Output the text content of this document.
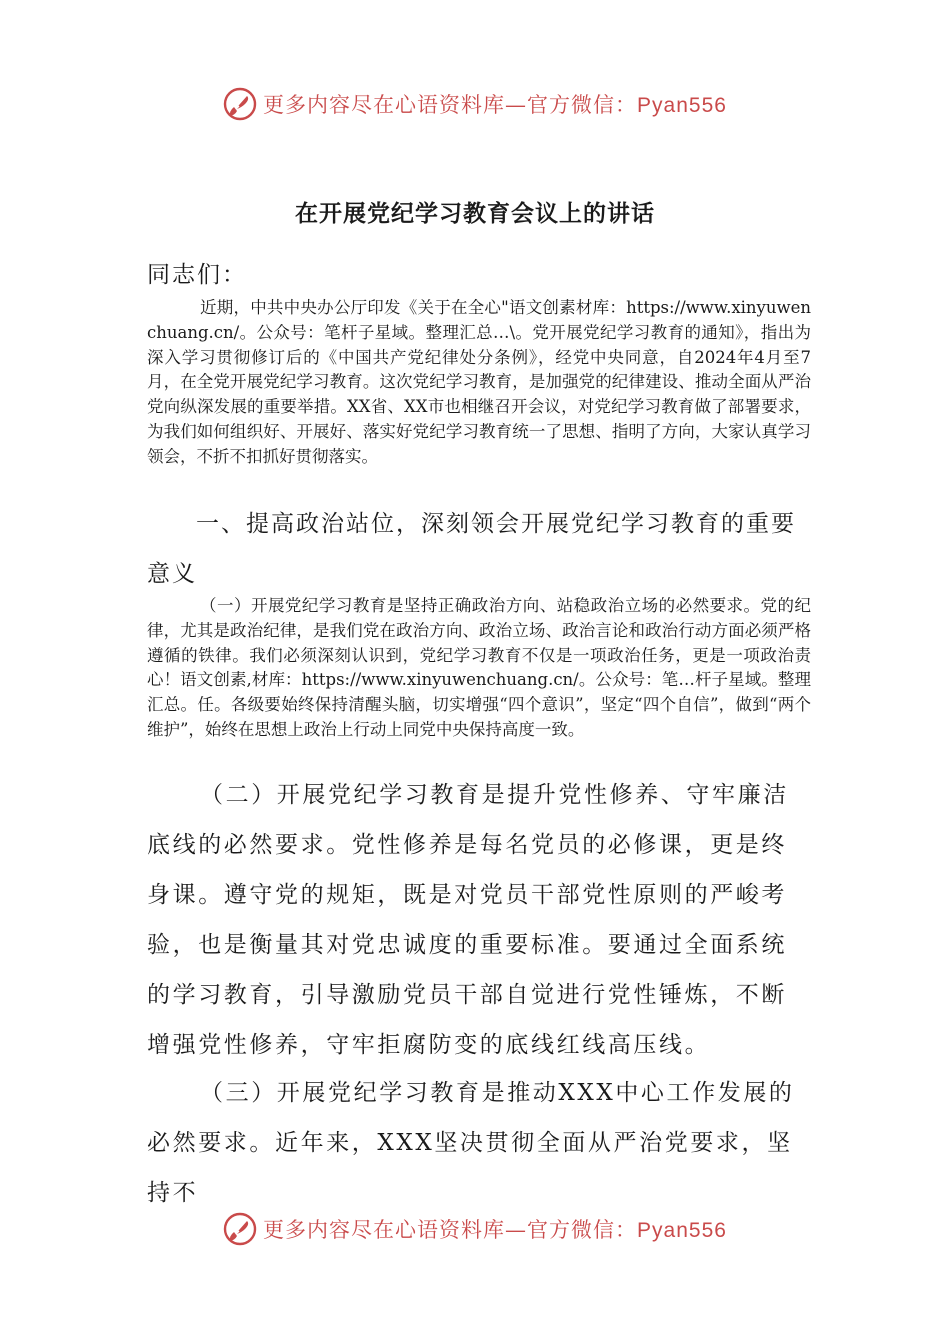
更多内容尽在心语资料库—官方微信：Pyan556
在开展党纪学习教育会议上的讲话
同志们：

近期，中共中央办公厅印发《关于在全心"语文创素材库：https://www.xinyuwenchuang.cn/。公众号：笔杆子星域。整理汇总…\。党开展党纪学习教育的通知》，指出为深入学习贯彻修订后的《中国共产党纪律处分条例》，经党中央同意，自2024年4月至7月，在全党开展党纪学习教育。这次党纪学习教育，是加强党的纪律建设、推动全面从严治党向纵深发展的重要举措。XX省、XX市也相继召开会议，对党纪学习教育做了部署要求，为我们如何组织好、开展好、落实好党纪学习教育统一了思想、指明了方向，大家认真学习领会，不折不扣抓好贯彻落实。

一、提高政治站位，深刻领会开展党纪学习教育的重要意义

（一）开展党纪学习教育是坚持正确政治方向、站稳政治立场的必然要求。党的纪律，尤其是政治纪律，是我们党在政治方向、政治立场、政治言论和政治行动方面必须严格遵循的铁律。我们必须深刻认识到，党纪学习教育不仅是一项政治任务，更是一项政治责心！语文创素,材库：https://www.xinyuwenchuang.cn/。公众号：笔…杆子星域。整理汇总。任。各级要始终保持清醒头脑，切实增强“四个意识”，坚定“四个自信”，做到“两个维护”，始终在思想上政治上行动上同党中央保持高度一致。

（二）开展党纪学习教育是提升党性修养、守牢廉洁底线的必然要求。党性修养是每名党员的必修课，更是终身课。遵守党的规矩，既是对党员干部党性原则的严峻考验，也是衡量其对党忠诚度的重要标准。要通过全面系统的学习教育，引导激励党员干部自觉进行党性锤炼，不断增强党性修养，守牢拒腐防变的底线红线高压线。

（三）开展党纪学习教育是推动XXX中心工作发展的必然要求。近年来，XXX坚决贯彻全面从严治党要求，坚持不

更多内容尽在心语资料库—官方微信：Pyan556
